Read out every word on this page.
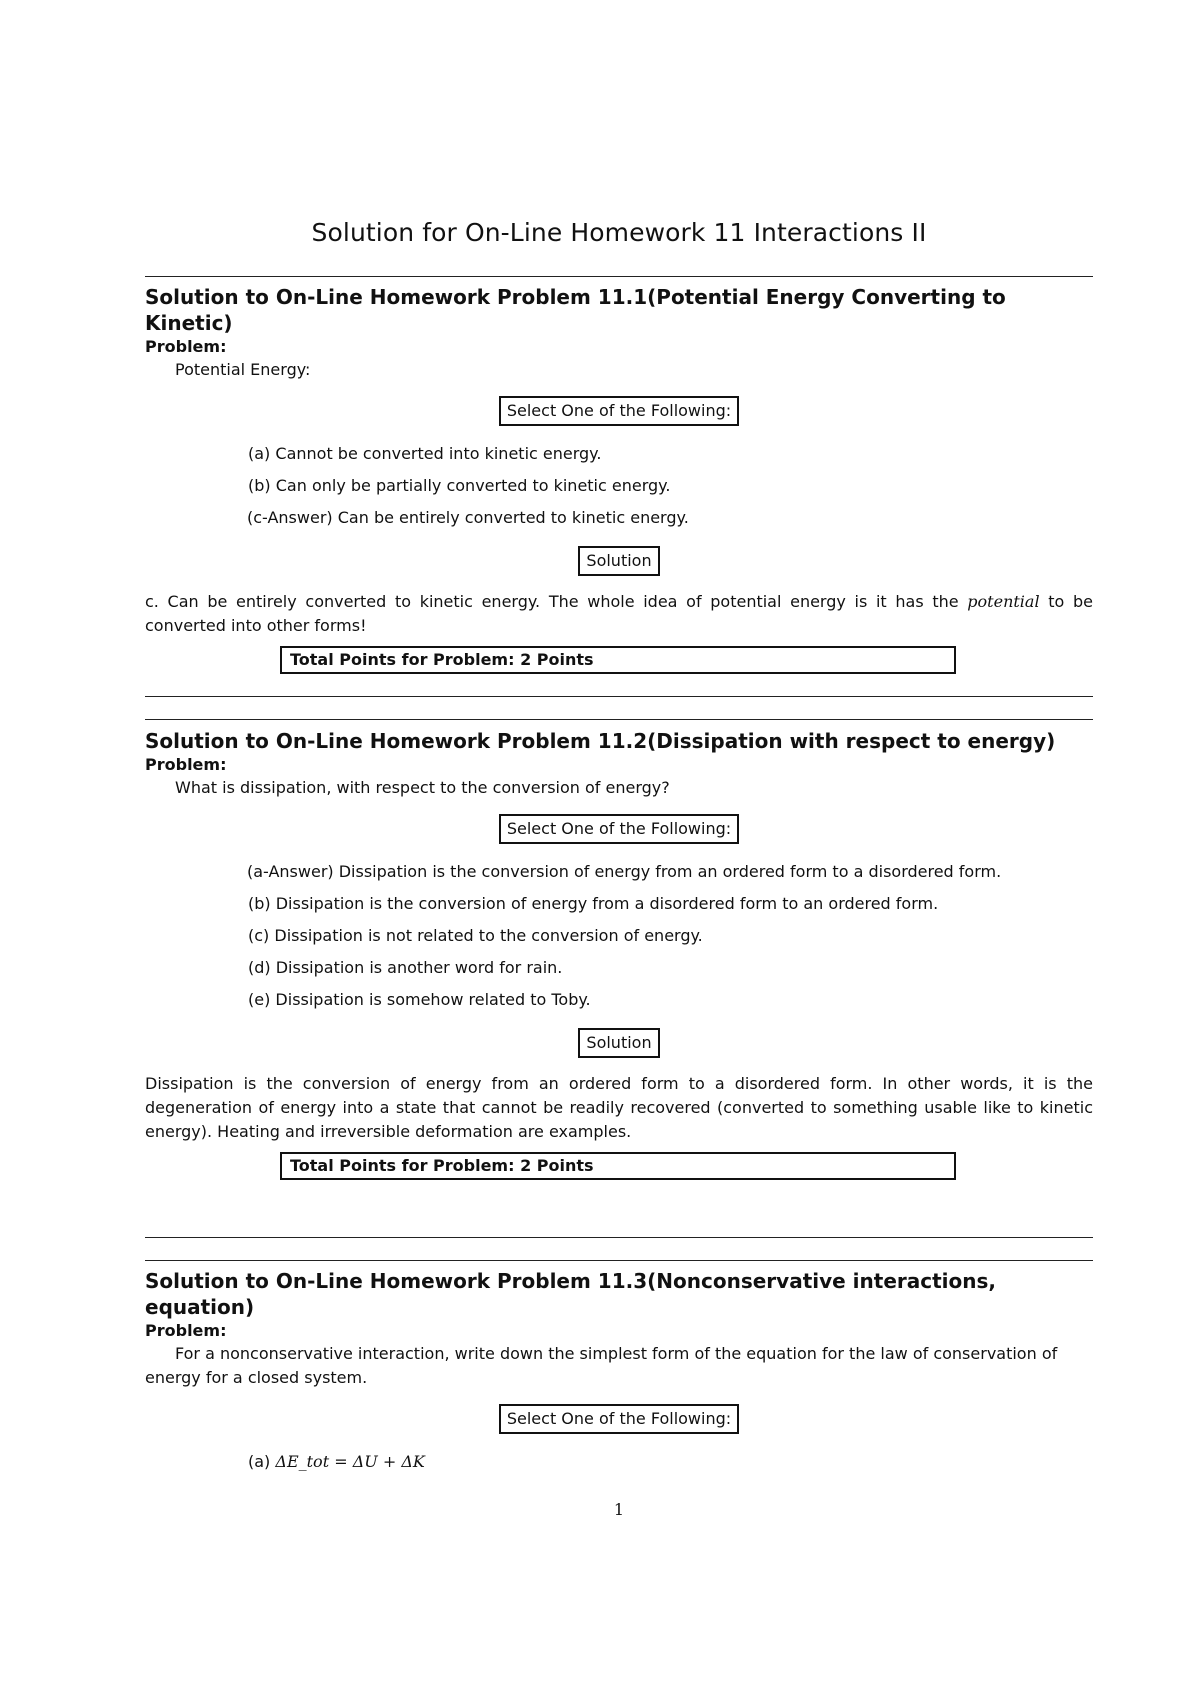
Solution for On-Line Homework 11 Interactions II
Solution to On-Line Homework Problem 11.1(Potential Energy Converting to Kinetic)
Problem:

Potential Energy:

Select One of the Following:
(a) Cannot be converted into kinetic energy.
(b) Can only be partially converted to kinetic energy.
(c-Answer) Can be entirely converted to kinetic energy.
Solution

c. Can be entirely converted to kinetic energy. The whole idea of potential energy is it has the potential to be converted into other forms!

Total Points for Problem: 2 Points
Solution to On-Line Homework Problem 11.2(Dissipation with respect to energy)
Problem:

What is dissipation, with respect to the conversion of energy?

Select One of the Following:
(a-Answer) Dissipation is the conversion of energy from an ordered form to a disordered form.
(b) Dissipation is the conversion of energy from a disordered form to an ordered form.
(c) Dissipation is not related to the conversion of energy.
(d) Dissipation is another word for rain.
(e) Dissipation is somehow related to Toby.
Solution

Dissipation is the conversion of energy from an ordered form to a disordered form. In other words, it is the degeneration of energy into a state that cannot be readily recovered (converted to something usable like to kinetic energy). Heating and irreversible deformation are examples.

Total Points for Problem: 2 Points
Solution to On-Line Homework Problem 11.3(Nonconservative interactions, equation)
Problem:

For a nonconservative interaction, write down the simplest form of the equation for the law of conservation of energy for a closed system.

Select One of the Following:
(a) ΔE_tot = ΔU + ΔK
1
